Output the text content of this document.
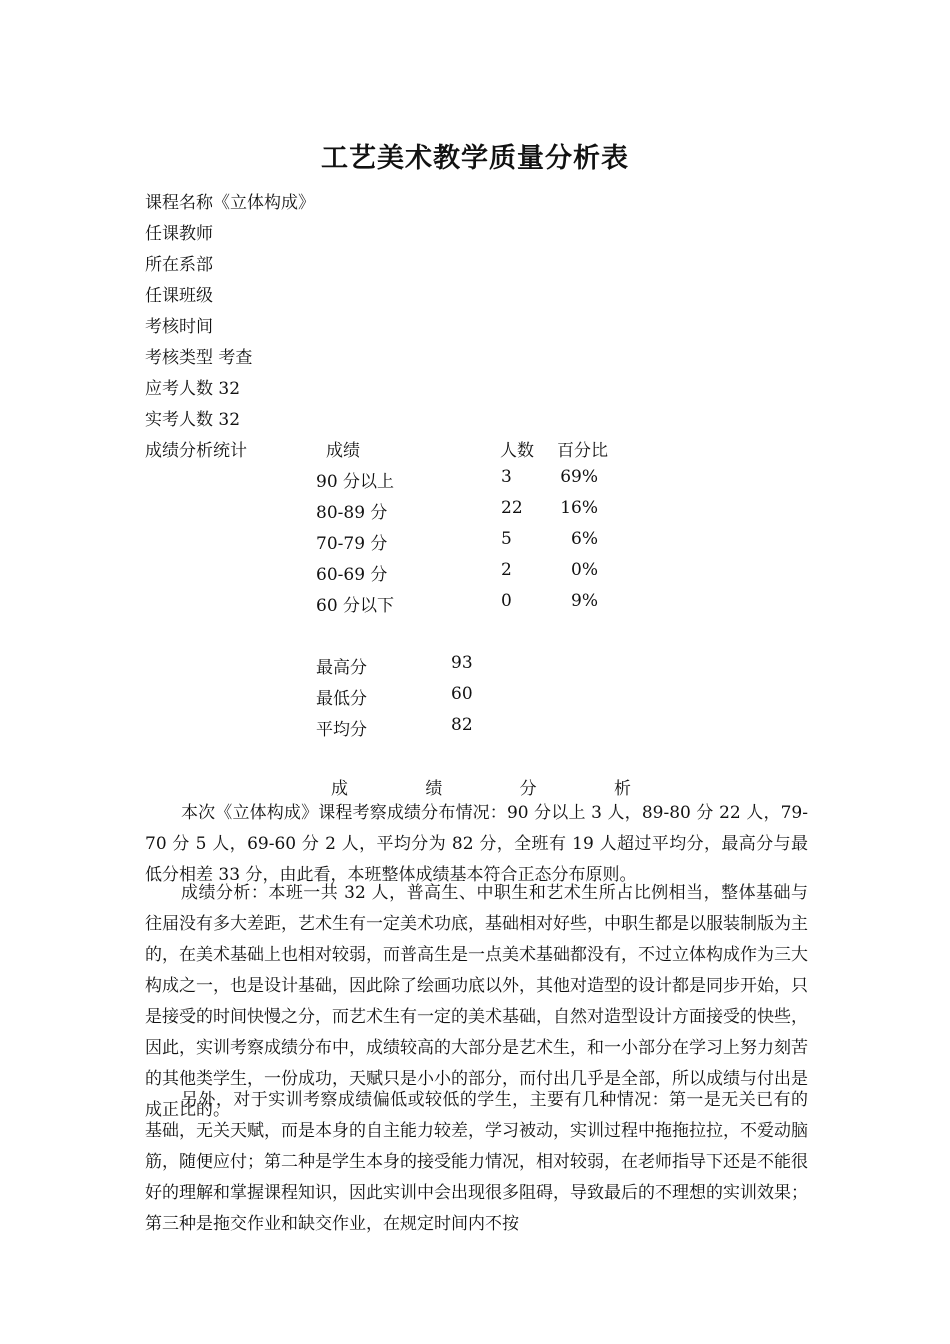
工艺美术教学质量分析表
课程名称《立体构成》
任课教师
所在系部
任课班级
考核时间
考核类型 考查
应考人数 32
实考人数 32
成绩分析统计	成绩	人数 百分比
90 分以上	3	69%
80-89 分	22	16%
70-79 分	5	6%
60-69 分	2	0%
60 分以下	0	9%
最高分	93
最低分	60
平均分	82
成	绩	分	析

本次《立体构成》课程考察成绩分布情况：90 分以上 3 人，89-80 分 22 人，79-70 分 5 人，69-60 分 2 人，平均分为 82 分，全班有 19 人超过平均分，最高分与最低分相差 33 分，由此看，本班整体成绩基本符合正态分布原则。

成绩分析：本班一共 32 人，普高生、中职生和艺术生所占比例相当，整体基础与往届没有多大差距，艺术生有一定美术功底，基础相对好些，中职生都是以服装制版为主的，在美术基础上也相对较弱，而普高生是一点美术基础都没有，不过立体构成作为三大构成之一，也是设计基础，因此除了绘画功底以外，其他对造型的设计都是同步开始，只是接受的时间快慢之分，而艺术生有一定的美术基础，自然对造型设计方面接受的快些，因此，实训考察成绩分布中，成绩较高的大部分是艺术生，和一小部分在学习上努力刻苦的其他类学生，一份成功，天赋只是小小的部分，而付出几乎是全部，所以成绩与付出是成正比的。

另外，对于实训考察成绩偏低或较低的学生，主要有几种情况：第一是无关已有的基础，无关天赋，而是本身的自主能力较差，学习被动，实训过程中拖拖拉拉，不爱动脑筋，随便应付；第二种是学生本身的接受能力情况，相对较弱，在老师指导下还是不能很好的理解和掌握课程知识，因此实训中会出现很多阻碍，导致最后的不理想的实训效果；第三种是拖交作业和缺交作业，在规定时间内不按
